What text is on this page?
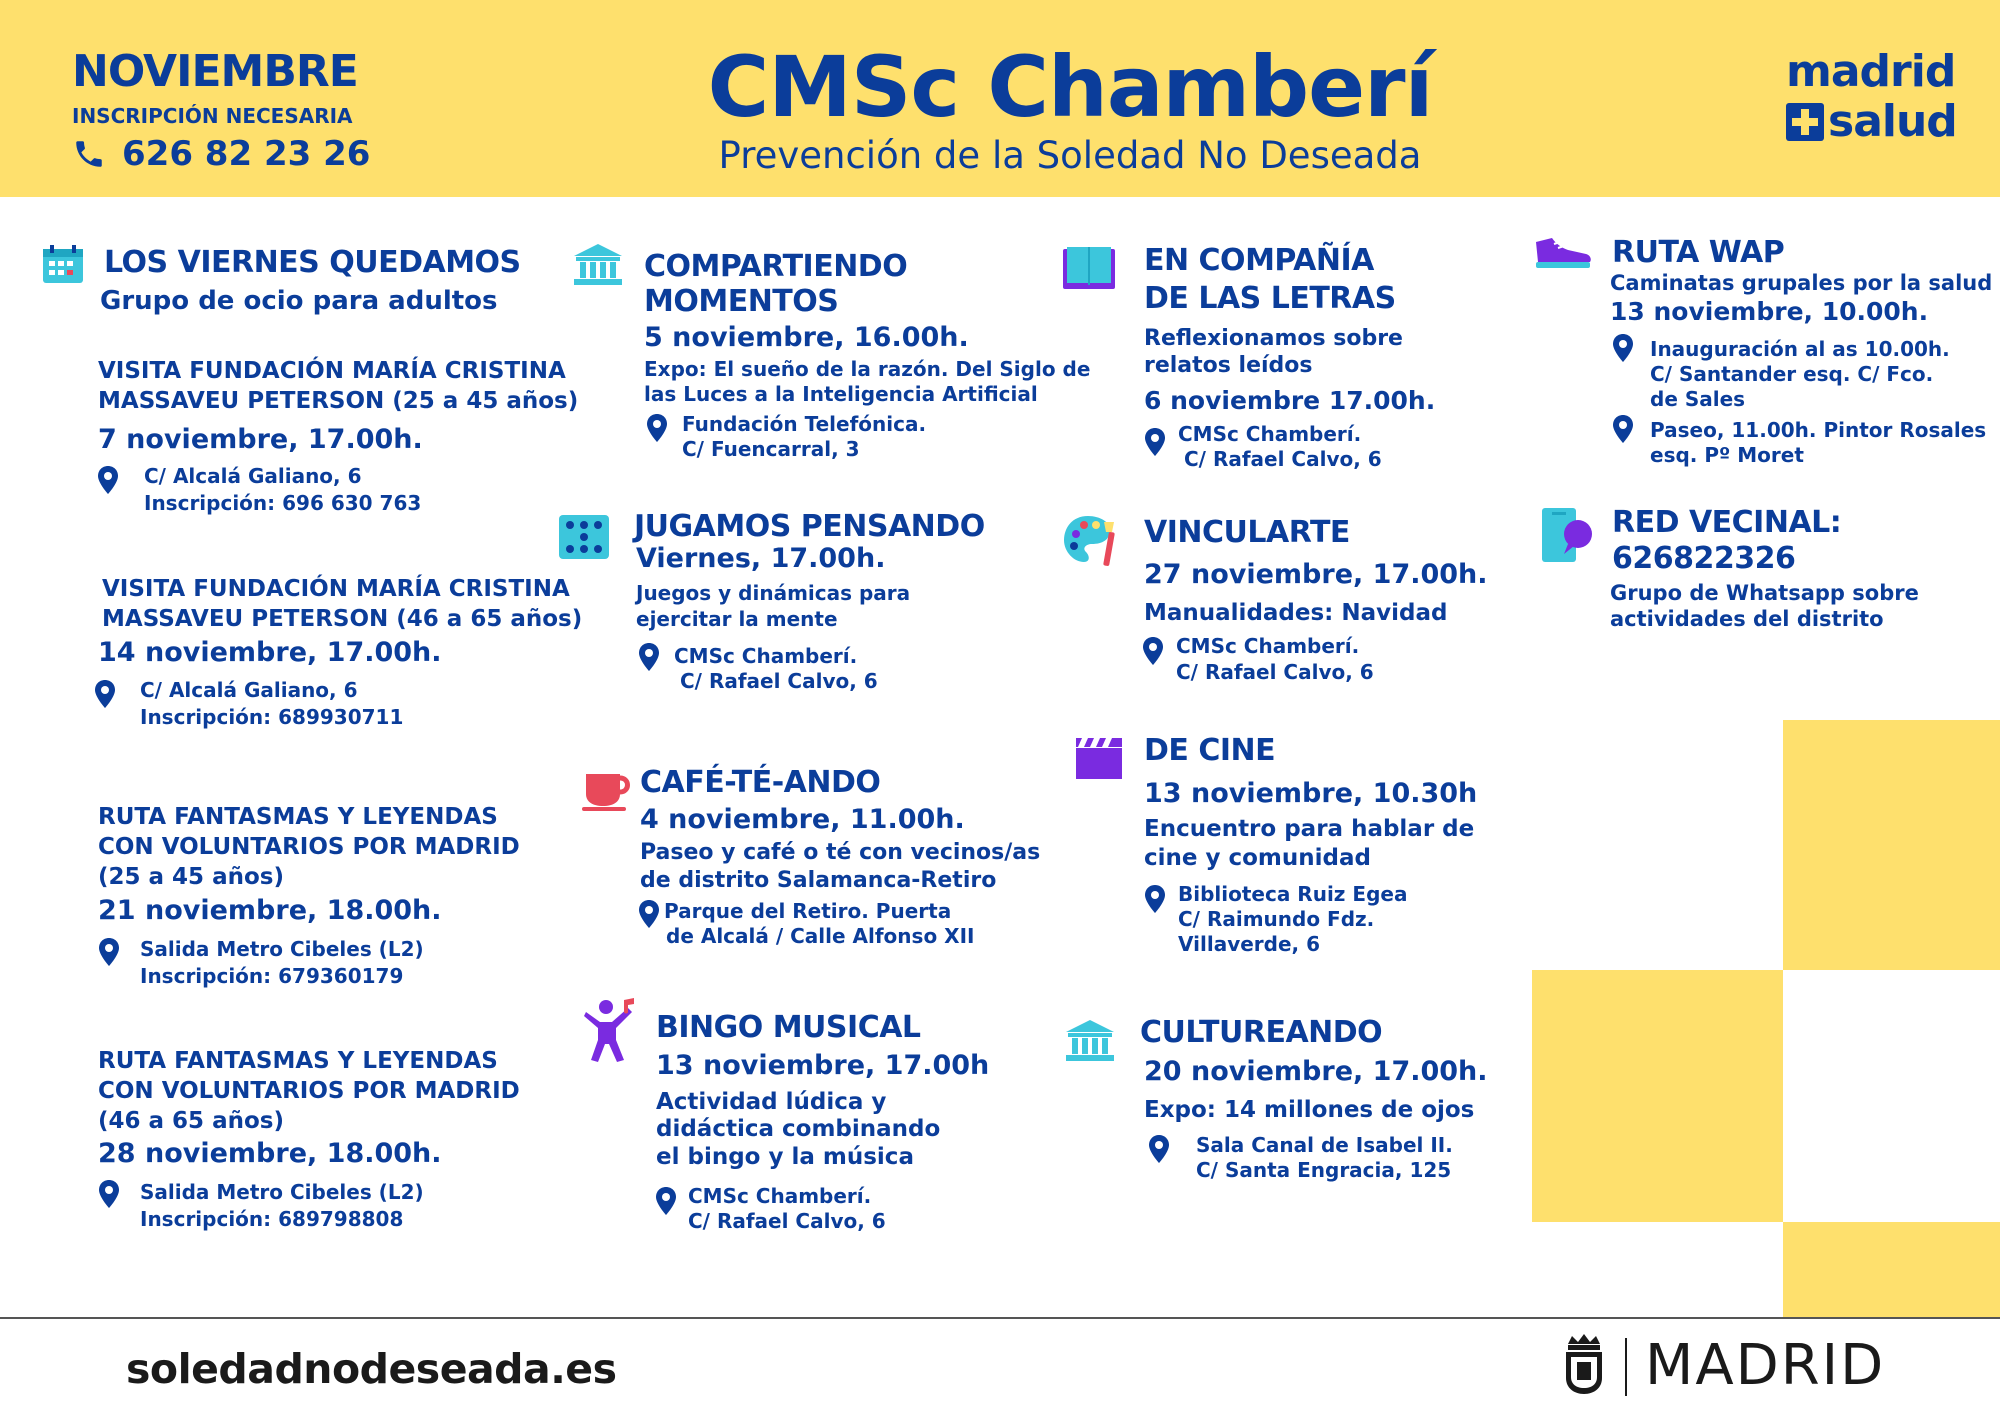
NOVIEMBRE
INSCRIPCIÓN NECESARIA
626 82 23 26
CMSc Chamberí
Prevención de la Soledad No Deseada
madrid
salud
LOS VIERNES QUEDAMOS
Grupo de ocio para adultos
VISITA FUNDACIÓN MARÍA CRISTINA
MASSAVEU PETERSON (25 a 45 años)
7 noviembre, 17.00h.
C/ Alcalá Galiano, 6
Inscripción: 696 630 763
VISITA FUNDACIÓN MARÍA CRISTINA
MASSAVEU PETERSON (46 a 65 años)
14 noviembre, 17.00h.
C/ Alcalá Galiano, 6
Inscripción: 689930711
RUTA FANTASMAS Y LEYENDAS
CON VOLUNTARIOS POR MADRID
(25 a 45 años)
21 noviembre, 18.00h.
Salida Metro Cibeles (L2)
Inscripción: 679360179
RUTA FANTASMAS Y LEYENDAS
CON VOLUNTARIOS POR MADRID
(46 a 65 años)
28 noviembre, 18.00h.
Salida Metro Cibeles (L2)
Inscripción: 689798808
COMPARTIENDO
MOMENTOS
5 noviembre, 16.00h.
Expo: El sueño de la razón. Del Siglo de
las Luces a la Inteligencia Artificial
Fundación Telefónica.
C/ Fuencarral, 3
JUGAMOS PENSANDO
Viernes, 17.00h.
Juegos y dinámicas para
ejercitar la mente
CMSc Chamberí.
C/ Rafael Calvo, 6
CAFÉ-TÉ-ANDO
4 noviembre, 11.00h.
Paseo y café o té con vecinos/as
de distrito Salamanca-Retiro
Parque del Retiro. Puerta
de Alcalá / Calle Alfonso XII
BINGO MUSICAL
13 noviembre, 17.00h
Actividad lúdica y
didáctica combinando
el bingo y la música
CMSc Chamberí.
C/ Rafael Calvo, 6
EN COMPAÑÍA
DE LAS LETRAS
Reflexionamos sobre
relatos leídos
6 noviembre 17.00h.
CMSc Chamberí.
C/ Rafael Calvo, 6
VINCULARTE
27 noviembre, 17.00h.
Manualidades: Navidad
CMSc Chamberí.
C/ Rafael Calvo, 6
DE CINE
13 noviembre, 10.30h
Encuentro para hablar de
cine y comunidad
Biblioteca Ruiz Egea
C/ Raimundo Fdz.
Villaverde, 6
CULTUREANDO
20 noviembre, 17.00h.
Expo: 14 millones de ojos
Sala Canal de Isabel II.
C/ Santa Engracia, 125
RUTA WAP
Caminatas grupales por la salud
13 noviembre, 10.00h.
Inauguración al as 10.00h.
C/ Santander esq. C/ Fco.
de Sales
Paseo, 11.00h. Pintor Rosales
esq. Pº Moret
RED VECINAL:
626822326
Grupo de Whatsapp sobre
actividades del distrito
soledadnodeseada.es	MADRID
